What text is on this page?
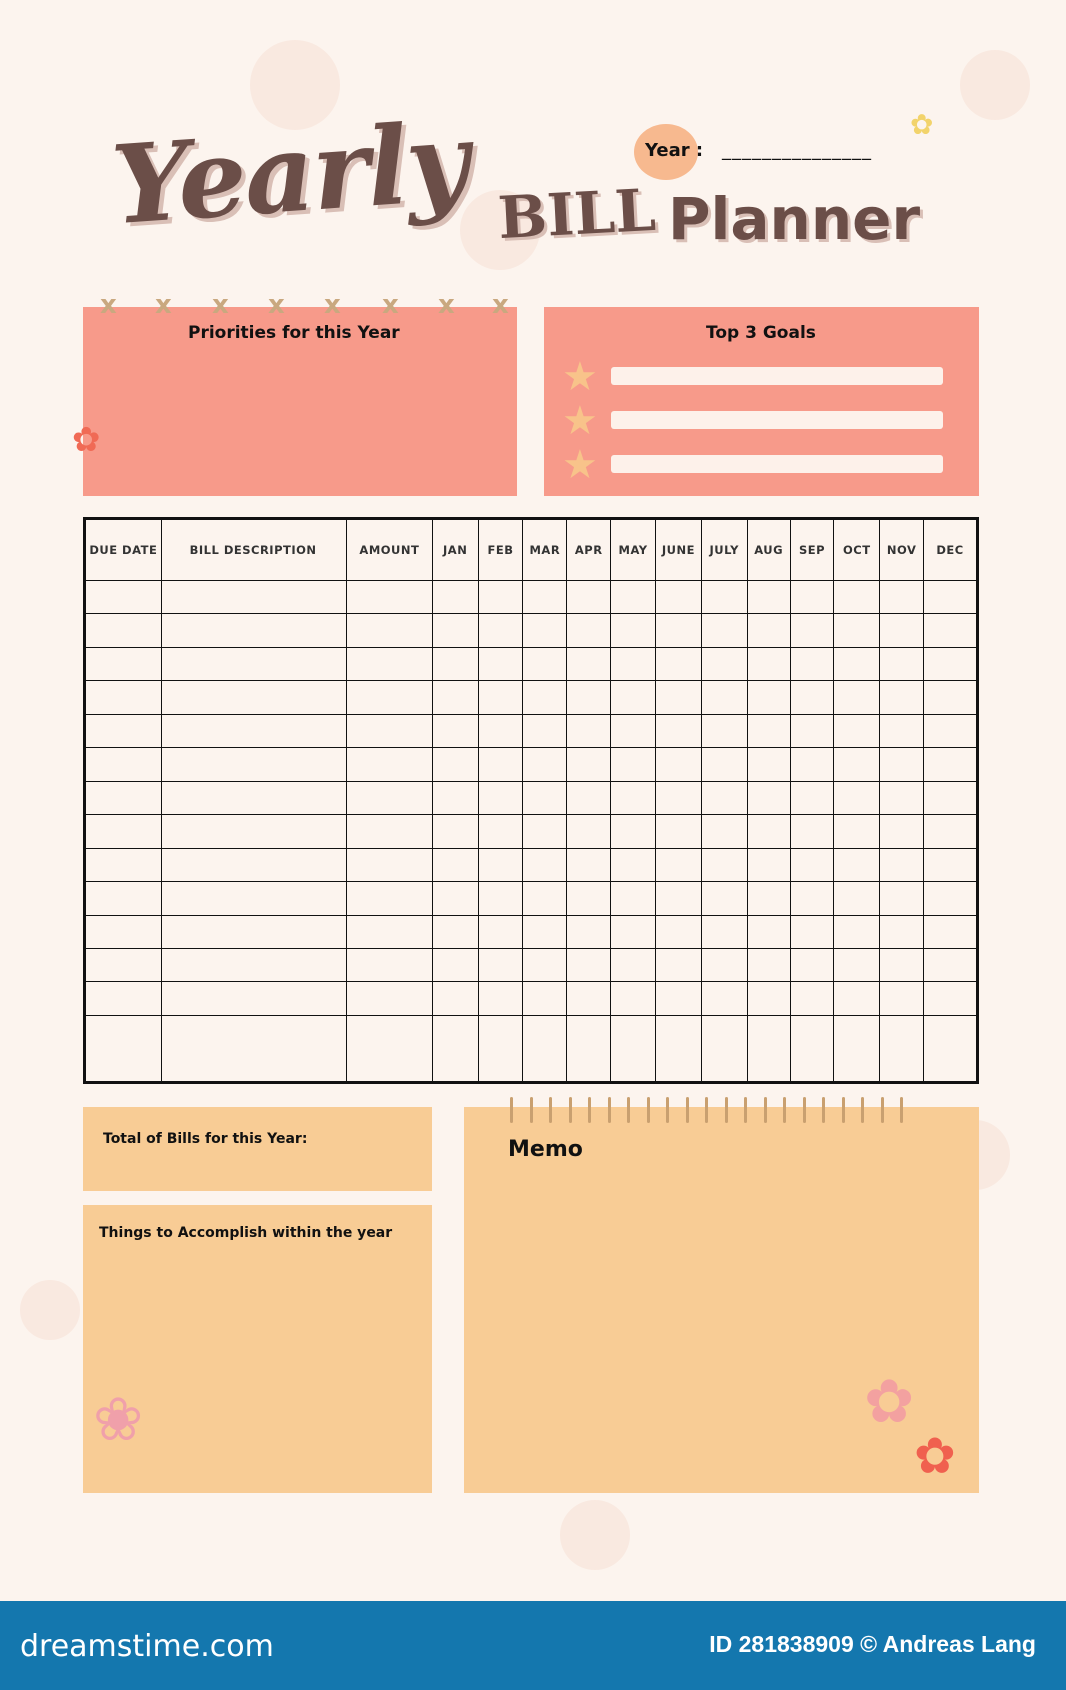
Yearly BILL Planner
Year : _______________
✿
Priorities for this Year
x x x x x x x x
✿
Top 3 Goals
★
★
★
DUE DATE	BILL DESCRIPTION	AMOUNT	JAN	FEB	MAR	APR	MAY	JUNE	JULY	AUG	SEP	OCT	NOV	DEC

Total of Bills for this Year:
Things to Accomplish within the year
❀
Memo
✿
✿
dreamstime.com	ID 281838909 © Andreas Lang
